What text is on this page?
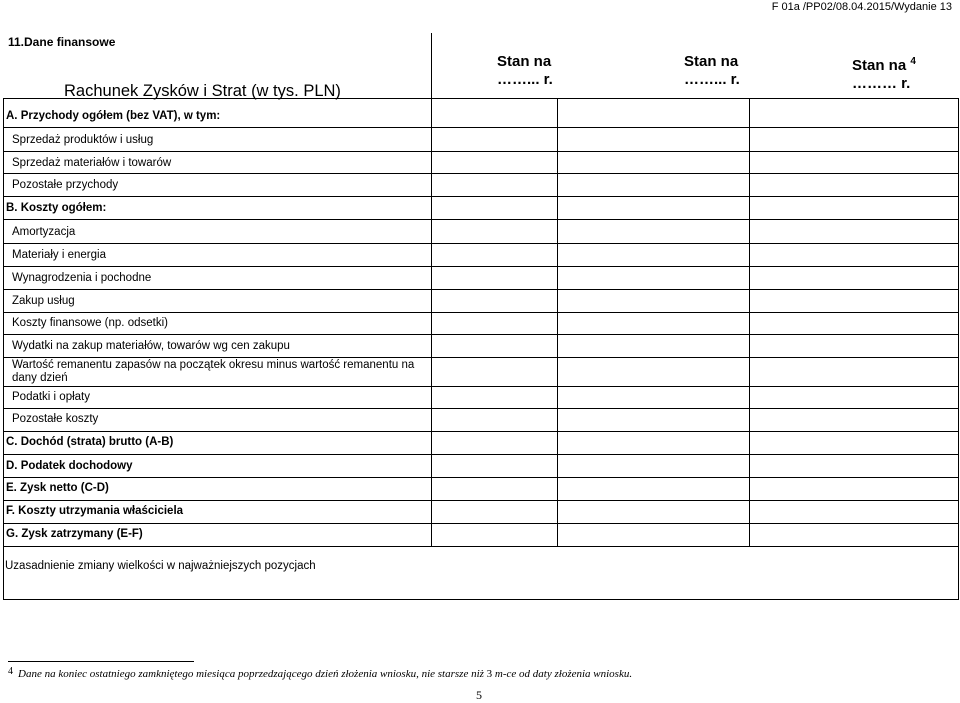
F 01a /PP02/08.04.2015/Wydanie 13
11.Dane finansowe
Rachunek Zysków i Strat (w tys. PLN)
Stan na
……... r.
Stan na
……... r.
Stan na $^4$
……… r.
A. Przychody ogółem (bez VAT), w tym:
Sprzedaż produktów i usług
Sprzedaż materiałów i towarów
Pozostałe przychody
B. Koszty ogółem:
Amortyzacja
Materiały i energia
Wynagrodzenia i pochodne
Zakup usług
Koszty finansowe (np. odsetki)
Wydatki na zakup materiałów, towarów wg cen zakupu
Wartość remanentu zapasów na początek okresu minus wartość remanentu na dany dzień
Podatki i opłaty
Pozostałe koszty
C. Dochód (strata) brutto (A-B)
D. Podatek dochodowy
E. Zysk netto (C-D)
F. Koszty utrzymania właściciela
G. Zysk zatrzymany (E-F)
Uzasadnienie zmiany wielkości w najważniejszych pozycjach
4 Dane na koniec ostatniego zamkniętego miesiąca poprzedzającego dzień złożenia wniosku, nie starsze niż 3 m-ce od daty złożenia wniosku.
5
